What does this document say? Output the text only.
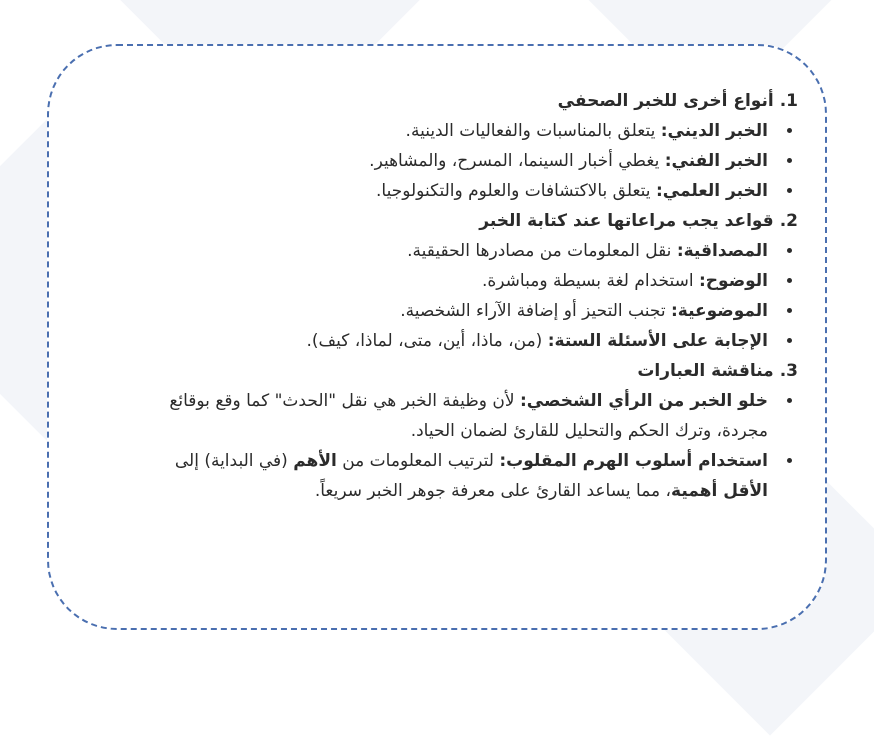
1.
أنواع أخرى للخبر الصحفي
الخبر الديني: يتعلق بالمناسبات والفعاليات الدينية.
الخبر الفني: يغطي أخبار السينما، المسرح، والمشاهير.
الخبر العلمي: يتعلق بالاكتشافات والعلوم والتكنولوجيا.
2.
قواعد يجب مراعاتها عند كتابة الخبر
المصداقية: نقل المعلومات من مصادرها الحقيقية.
الوضوح: استخدام لغة بسيطة ومباشرة.
الموضوعية: تجنب التحيز أو إضافة الآراء الشخصية.
الإجابة على الأسئلة الستة: (من، ماذا، أين، متى، لماذا، كيف).
3.
مناقشة العبارات
خلو الخبر من الرأي الشخصي: لأن وظيفة الخبر هي نقل "الحدث" كما وقع بوقائع مجردة، وترك الحكم والتحليل للقارئ لضمان الحياد.
استخدام أسلوب الهرم المقلوب: لترتيب المعلومات من الأهم (في البداية) إلى الأقل أهمية، مما يساعد القارئ على معرفة جوهر الخبر سريعاً.
